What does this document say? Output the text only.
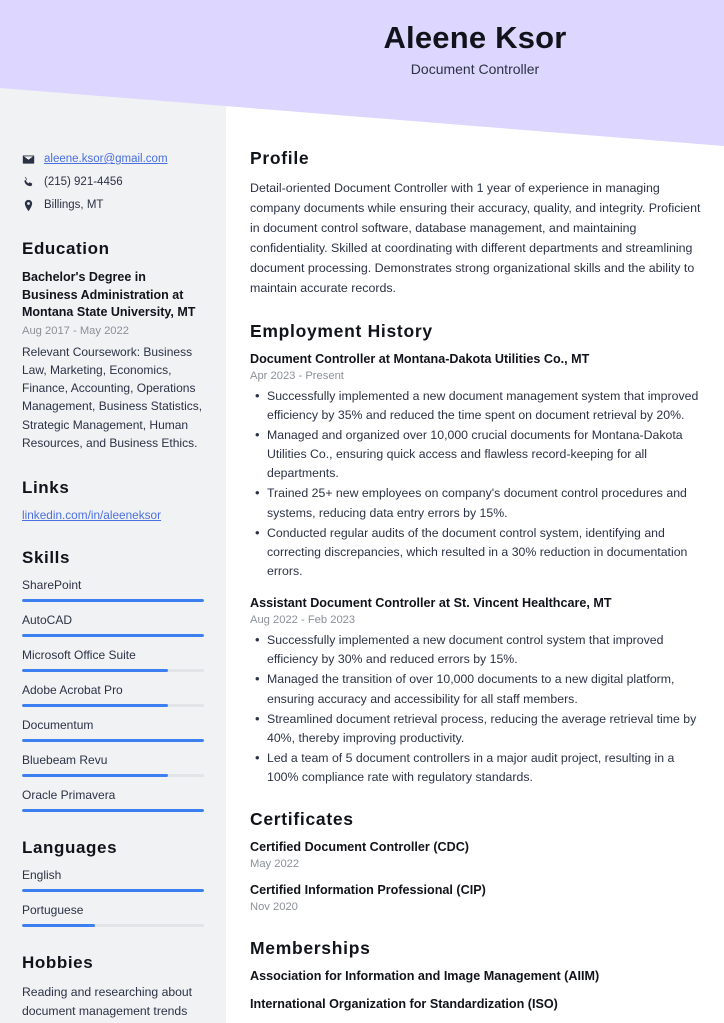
aleene.ksor@gmail.com
(215) 921-4456
Billings, MT
Education
Bachelor's Degree in Business Administration at Montana State University, MT
Aug 2017 - May 2022
Relevant Coursework: Business Law, Marketing, Economics, Finance, Accounting, Operations Management, Business Statistics, Strategic Management, Human Resources, and Business Ethics.
Links
linkedin.com/in/aleeneksor
Skills
SharePoint
AutoCAD
Microsoft Office Suite
Adobe Acrobat Pro
Documentum
Bluebeam Revu
Oracle Primavera
Languages
English
Portuguese
Hobbies
Reading and researching about document management trends
Profile

Detail-oriented Document Controller with 1 year of experience in managing company documents while ensuring their accuracy, quality, and integrity. Proficient in document control software, database management, and maintaining confidentiality. Skilled at coordinating with different departments and streamlining document processing. Demonstrates strong organizational skills and the ability to maintain accurate records.

Employment History
Document Controller at Montana-Dakota Utilities Co., MT
Apr 2023 - Present
• Successfully implemented a new document management system that improved efficiency by 35% and reduced the time spent on document retrieval by 20%.
• Managed and organized over 10,000 crucial documents for Montana-Dakota Utilities Co., ensuring quick access and flawless record-keeping for all departments.
• Trained 25+ new employees on company's document control procedures and systems, reducing data entry errors by 15%.
• Conducted regular audits of the document control system, identifying and correcting discrepancies, which resulted in a 30% reduction in documentation errors.
Assistant Document Controller at St. Vincent Healthcare, MT
Aug 2022 - Feb 2023
• Successfully implemented a new document control system that improved efficiency by 30% and reduced errors by 15%.
• Managed the transition of over 10,000 documents to a new digital platform, ensuring accuracy and accessibility for all staff members.
• Streamlined document retrieval process, reducing the average retrieval time by 40%, thereby improving productivity.
• Led a team of 5 document controllers in a major audit project, resulting in a 100% compliance rate with regulatory standards.
Certificates
Certified Document Controller (CDC)
May 2022
Certified Information Professional (CIP)
Nov 2020
Memberships
Association for Information and Image Management (AIIM)
International Organization for Standardization (ISO)
Aleene Ksor
Document Controller
